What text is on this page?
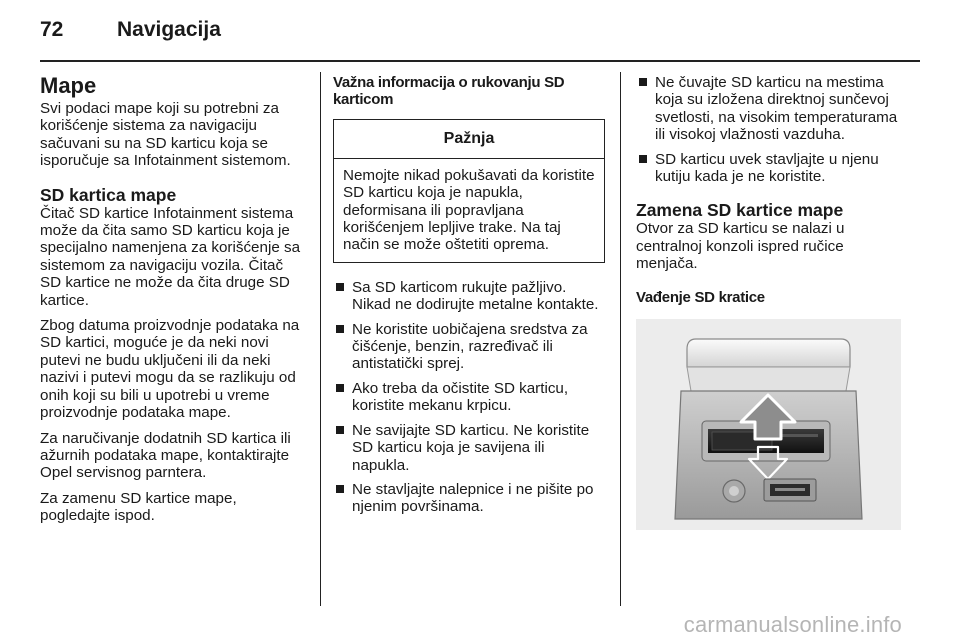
72	Navigacija
Mape

Svi podaci mape koji su potrebni za korišćenje sistema za navigaciju sačuvani su na SD karticu koja se isporučuje sa Infotainment sistemom.

SD kartica mape

Čitač SD kartice Infotainment sistema može da čita samo SD karticu koja je specijalno namenjena za korišćenje sa sistemom za navigaciju vozila. Čitač SD kartice ne može da čita druge SD kartice.

Zbog datuma proizvodnje podataka na SD kartici, moguće je da neki novi putevi ne budu uključeni ili da neki nazivi i putevi mogu da se razlikuju od onih koji su bili u upotrebi u vreme proizvodnje podataka mape.

Za naručivanje dodatnih SD kartica ili ažurnih podataka mape, kontaktirajte Opel servisnog parntera.

Za zamenu SD kartice mape, pogledajte ispod.

Važna informacija o rukovanju SD karticom
Pažnja
Nemojte nikad pokušavati da koristite SD karticu koja je napukla, deformisana ili popravljana korišćenjem lepljive trake. Na taj način se može oštetiti oprema.
Sa SD karticom rukujte pažljivo. Nikad ne dodirujte metalne kontakte.
Ne koristite uobičajena sredstva za čišćenje, benzin, razređivač ili antistatički sprej.
Ako treba da očistite SD karticu, koristite mekanu krpicu.
Ne savijajte SD karticu. Ne koristite SD karticu koja je savijena ili napukla.
Ne stavljajte nalepnice i ne pišite po njenim površinama.
Ne čuvajte SD karticu na mestima koja su izložena direktnoj sunčevoj svetlosti, na visokim temperaturama ili visokoj vlažnosti vazduha.
SD karticu uvek stavljajte u njenu kutiju kada je ne koristite.
Zamena SD kartice mape

Otvor za SD karticu se nalazi u centralnoj konzoli ispred ručice menjača.

Vađenje SD kratice
carmanualsonline.info
